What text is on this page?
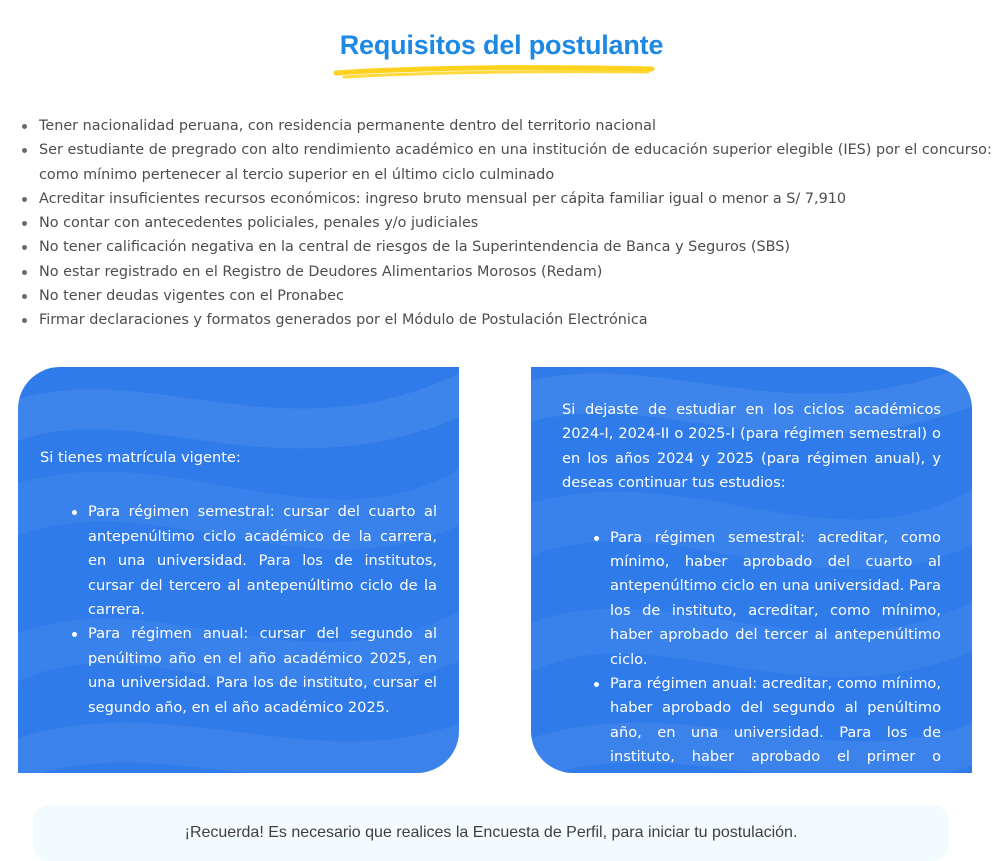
Requisitos del postulante
Tener nacionalidad peruana, con residencia permanente dentro del territorio nacional
Ser estudiante de pregrado con alto rendimiento académico en una institución de educación superior elegible (IES) por el concurso: como mínimo pertenecer al tercio superior en el último ciclo culminado
Acreditar insuficientes recursos económicos: ingreso bruto mensual per cápita familiar igual o menor a S/ 7,910
No contar con antecedentes policiales, penales y/o judiciales
No tener calificación negativa en la central de riesgos de la Superintendencia de Banca y Seguros (SBS)
No estar registrado en el Registro de Deudores Alimentarios Morosos (Redam)
No tener deudas vigentes con el Pronabec
Firmar declaraciones y formatos generados por el Módulo de Postulación Electrónica

Si tienes matrícula vigente:

Para régimen semestral: cursar del cuarto al antepenúltimo ciclo académico de la carrera, en una universidad. Para los de institutos, cursar del tercero al antepenúltimo ciclo de la carrera.
Para régimen anual: cursar del segundo al penúltimo año en el año académico 2025, en una universidad. Para los de instituto, cursar el segundo año, en el año académico 2025.

Si dejaste de estudiar en los ciclos académicos 2024-I, 2024-II o 2025-I (para régimen semestral) o en los años 2024 y 2025 (para régimen anual), y deseas continuar tus estudios:

Para régimen semestral: acreditar, como mínimo, haber aprobado del cuarto al antepenúltimo ciclo en una universidad. Para los de instituto, acreditar, como mínimo, haber aprobado del tercer al antepenúltimo ciclo.
Para régimen anual: acreditar, como mínimo, haber aprobado del segundo al penúltimo año, en una universidad. Para los de instituto, haber aprobado el primer o segundo año de estudios.
¡Recuerda! Es necesario que realices la Encuesta de Perfil, para iniciar tu postulación.
